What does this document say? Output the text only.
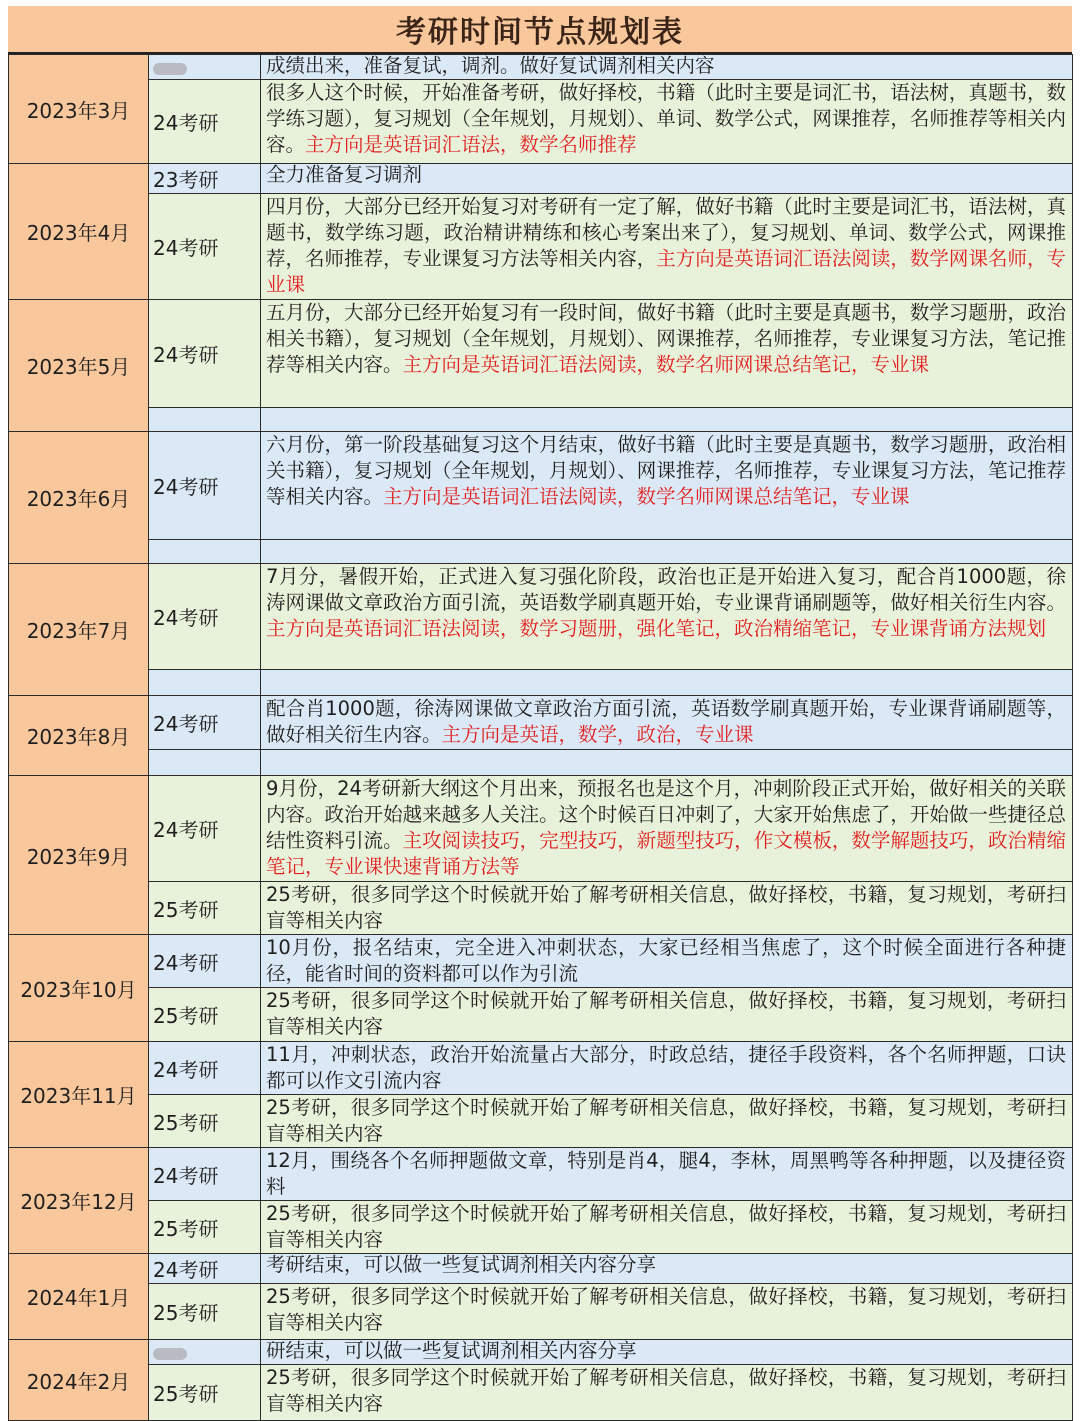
考研时间节点规划表
2023年3月		成绩出来，准备复试，调剂。做好复试调剂相关内容
	24考研	很多人这个时候，开始准备考研，做好择校，书籍（此时主要是词汇书，语法树，真题书，数学练习题），复习规划（全年规划，月规划）、单词、数学公式，网课推荐，名师推荐等相关内容。主方向是英语词汇语法，数学名师推荐
2023年4月	23考研	全力准备复习调剂
	24考研	四月份，大部分已经开始复习对考研有一定了解，做好书籍（此时主要是词汇书，语法树，真题书，数学练习题，政治精讲精练和核心考案出来了），复习规划、单词、数学公式，网课推荐，名师推荐，专业课复习方法等相关内容，主方向是英语词汇语法阅读，数学网课名师，专业课
2023年5月	24考研	五月份，大部分已经开始复习有一段时间，做好书籍（此时主要是真题书，数学习题册，政治相关书籍），复习规划（全年规划，月规划）、网课推荐，名师推荐，专业课复习方法，笔记推荐等相关内容。主方向是英语词汇语法阅读，数学名师网课总结笔记，专业课

2023年6月	24考研	六月份，第一阶段基础复习这个月结束，做好书籍（此时主要是真题书，数学习题册，政治相关书籍），复习规划（全年规划，月规划）、网课推荐，名师推荐，专业课复习方法，笔记推荐等相关内容。主方向是英语词汇语法阅读，数学名师网课总结笔记，专业课

2023年7月	24考研	7月分，暑假开始，正式进入复习强化阶段，政治也正是开始进入复习，配合肖1000题，徐涛网课做文章政治方面引流，英语数学刷真题开始，专业课背诵刷题等，做好相关衍生内容。主方向是英语词汇语法阅读，数学习题册，强化笔记，政治精缩笔记，专业课背诵方法规划

2023年8月	24考研	配合肖1000题，徐涛网课做文章政治方面引流，英语数学刷真题开始，专业课背诵刷题等，做好相关衍生内容。主方向是英语，数学，政治，专业课

2023年9月	24考研	9月份，24考研新大纲这个月出来，预报名也是这个月，冲刺阶段正式开始，做好相关的关联内容。政治开始越来越多人关注。这个时候百日冲刺了，大家开始焦虑了，开始做一些捷径总结性资料引流。主攻阅读技巧，完型技巧，新题型技巧，作文模板，数学解题技巧，政治精缩笔记，专业课快速背诵方法等
	25考研	25考研，很多同学这个时候就开始了解考研相关信息，做好择校，书籍，复习规划，考研扫盲等相关内容
2023年10月	24考研	10月份，报名结束，完全进入冲刺状态，大家已经相当焦虑了，这个时候全面进行各种捷径，能省时间的资料都可以作为引流
	25考研	25考研，很多同学这个时候就开始了解考研相关信息，做好择校，书籍，复习规划，考研扫盲等相关内容
2023年11月	24考研	11月，冲刺状态，政治开始流量占大部分，时政总结，捷径手段资料，各个名师押题，口诀都可以作文引流内容
	25考研	25考研，很多同学这个时候就开始了解考研相关信息，做好择校，书籍，复习规划，考研扫盲等相关内容
2023年12月	24考研	12月，围绕各个名师押题做文章，特别是肖4，腿4，李林，周黑鸭等各种押题，以及捷径资料
	25考研	25考研，很多同学这个时候就开始了解考研相关信息，做好择校，书籍，复习规划，考研扫盲等相关内容
2024年1月	24考研	考研结束，可以做一些复试调剂相关内容分享
	25考研	25考研，很多同学这个时候就开始了解考研相关信息，做好择校，书籍，复习规划，考研扫盲等相关内容
2024年2月		研结束，可以做一些复试调剂相关内容分享
	25考研	25考研，很多同学这个时候就开始了解考研相关信息，做好择校，书籍，复习规划，考研扫盲等相关内容
